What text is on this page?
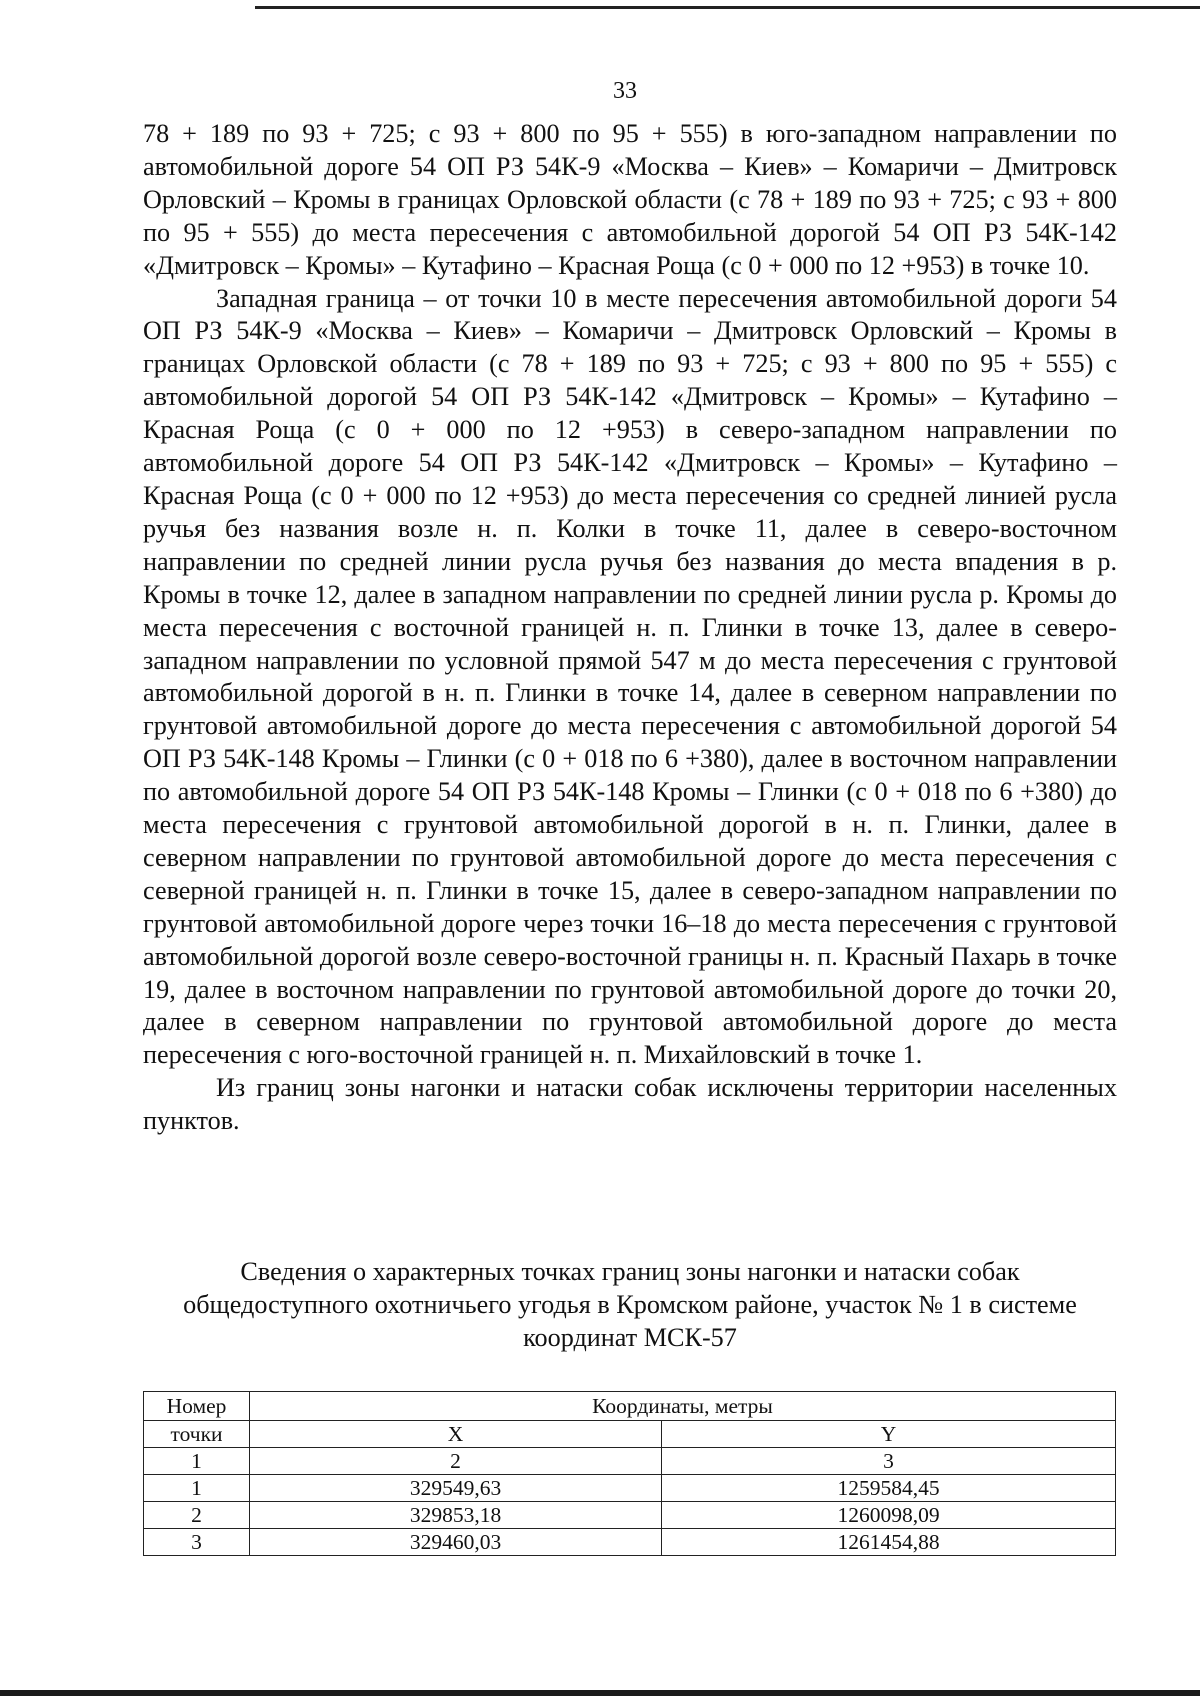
33

78 + 189 по 93 + 725; с 93 + 800 по 95 + 555) в юго-западном направлении по автомобильной дороге 54 ОП РЗ 54К-9 «Москва – Киев» – Комаричи – Дмитровск Орловский – Кромы в границах Орловской области (с 78 + 189 по 93 + 725; с 93 + 800 по 95 + 555) до места пересечения с автомобильной дорогой 54 ОП РЗ 54К-142 «Дмитровск – Кромы» – Кутафино – Красная Роща (с 0 + 000 по 12 +953) в точке 10.

Западная граница – от точки 10 в месте пересечения автомобильной дороги 54 ОП РЗ 54К-9 «Москва – Киев» – Комаричи – Дмитровск Орловский – Кромы в границах Орловской области (с 78 + 189 по 93 + 725; с 93 + 800 по 95 + 555) с автомобильной дорогой 54 ОП РЗ 54К-142 «Дмитровск – Кромы» – Кутафино – Красная Роща (с 0 + 000 по 12 +953) в северо-западном направлении по автомобильной дороге 54 ОП РЗ 54К-142 «Дмитровск – Кромы» – Кутафино – Красная Роща (с 0 + 000 по 12 +953) до места пересечения со средней линией русла ручья без названия возле н. п. Колки в точке 11, далее в северо-восточном направлении по средней линии русла ручья без названия до места впадения в р. Кромы в точке 12, далее в западном направлении по средней линии русла р. Кромы до места пересечения с восточной границей н. п. Глинки в точке 13, далее в северо-западном направлении по условной прямой 547 м до места пересечения с грунтовой автомобильной дорогой в н. п. Глинки в точке 14, далее в северном направлении по грунтовой автомобильной дороге до места пересечения с автомобильной дорогой 54 ОП РЗ 54К-148 Кромы – Глинки (с 0 + 018 по 6 +380), далее в восточном направлении по автомобильной дороге 54 ОП РЗ 54К-148 Кромы – Глинки (с 0 + 018 по 6 +380) до места пересечения с грунтовой автомобильной дорогой в н. п. Глинки, далее в северном направлении по грунтовой автомобильной дороге до места пересечения с северной границей н. п. Глинки в точке 15, далее в северо-западном направлении по грунтовой автомобильной дороге через точки 16–18 до места пересечения с грунтовой автомобильной дорогой возле северо-восточной границы н. п. Красный Пахарь в точке 19, далее в восточном направлении по грунтовой автомобильной дороге до точки 20, далее в северном направлении по грунтовой автомобильной дороге до места пересечения с юго-восточной границей н. п. Михайловский в точке 1.

Из границ зоны нагонки и натаски собак исключены территории населенных пунктов.

Сведения о характерных точках границ зоны нагонки и натаски собак
общедоступного охотничьего угодья в Кромском районе, участок № 1 в системе
координат МСК-57
Номер	Координаты, метры	
точки	X	Y
1	2	3
1	329549,63	1259584,45
2	329853,18	1260098,09
3	329460,03	1261454,88
